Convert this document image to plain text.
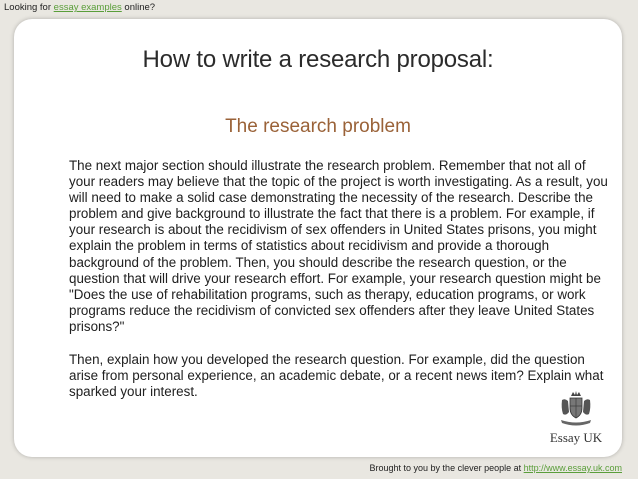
Looking for essay examples online?
How to write a research proposal:
The research problem

The next major section should illustrate the research problem. Remember that not all of your readers may believe that the topic of the project is worth investigating. As a result, you will need to make a solid case demonstrating the necessity of the research. Describe the problem and give background to illustrate the fact that there is a problem. For example, if your research is about the recidivism of sex offenders in United States prisons, you might explain the problem in terms of statistics about recidivism and provide a thorough background of the problem. Then, you should describe the research question, or the question that will drive your research effort. For example, your research question might be "Does the use of rehabilitation programs, such as therapy, education programs, or work programs reduce the recidivism of convicted sex offenders after they leave United States prisons?"

Then, explain how you developed the research question. For example, did the question arise from personal experience, an academic debate, or a recent news item? Explain what sparked your interest.

Essay UK
Brought to you by the clever people at http://www.essay.uk.com
